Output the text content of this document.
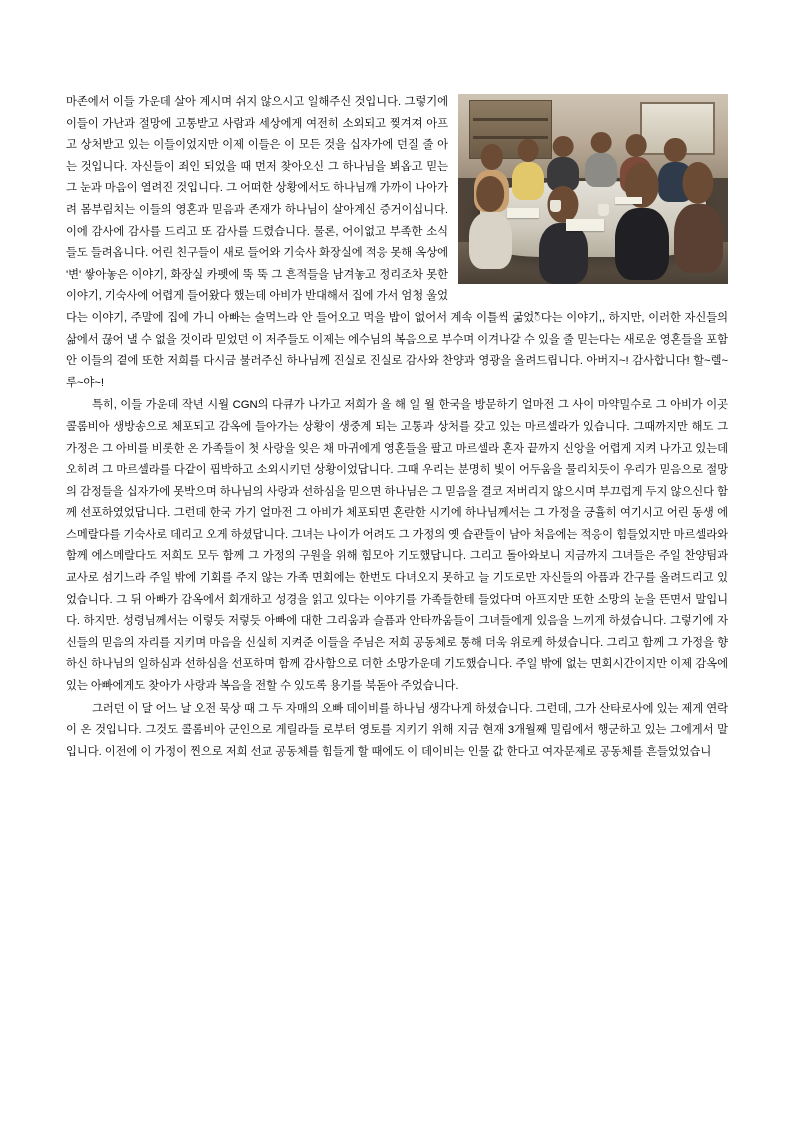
마존에서 이들 가운데 살아 계시며 쉬지 않으시고 일해주신 것입니다. 그렇기에 이들이 가난과 절망에 고통받고 사람과 세상에게 여전히 소외되고 찢겨져 아프고 상처받고 있는 이들이었지만 이제 이들은 이 모든 것을 십자가에 던질 줄 아는 것입니다. 자신들이 죄인 되었을 때 먼저 찾아오신 그 하나님을 뵈옵고 믿는 그 눈과 마음이 열려진 것입니다. 그 어떠한 상황에서도 하나님깨 가까이 나아가려 몸부림치는 이들의 영혼과 믿음과 존재가 하나님이 살아계신 증거이십니다. 이에 감사에 감사를 드리고 또 감사를 드렸습니다. 물론, 어이없고 부족한 소식들도 들려옵니다. 어린 친구들이 새로 들어와 기숙사 화장실에 적응 못해 옥상에 '변' 쌓아놓은 이야기, 화장실 카펫에 뚝 뚝 그 흔적들을 남겨놓고 정리조차 못한 이야기, 기숙사에 어렵게 들어왔다 했는데 아비가 반대해서 집에 가서 엄청 울었다는 이야기, 주말에 집에 가니 아빠는 술먹느라 안 들어오고 먹을 밥이 없어서 계속 이틀씩 굶었ैं다는 이야기,, 하지만, 이러한 자신들의 삶에서 끊어 낼 수 없을 것이라 믿었던 이 저주들도 이제는 에수님의 복음으로 부수며 이겨나갈 수 있을 줄 믿는다는 새로운 영혼들을 포함안 이들의 곁에 또한 저희를 다시금 불러주신 하나님께 진실로 진실로 감사와 찬양과 영광을 올려드립니다. 아버지~! 감사합니다! 할~렐~루~야~!

특히, 이들 가운데 작년 시월 CGN의 다큐가 나가고 저희가 올 해 일 월 한국을 방문하기 얼마전 그 사이 마약밀수로 그 아비가 이곳 콜롬비아 생방송으로 체포되고 감옥에 들아가는 상황이 생중계 되는 고통과 상처를 갖고 있는 마르셀라가 있습니다. 그때까지만 해도 그 가정은 그 아비를 비롯한 온 가족들이 첫 사랑을 잊은 채 마귀에게 영혼들을 팔고 마르셀라 혼자 끝까지 신앙을 어렵게 지켜 나가고 있는데 오히려 그 마르셀라를 다같이 핍박하고 소외시키던 상황이었답니다. 그때 우리는 분명히 빛이 어두움을 물리치듯이 우리가 믿음으로 절망의 감정들을 십자가에 못박으며 하나님의 사랑과 선하심을 믿으면 하나님은 그 믿음을 결코 저버리지 않으시며 부끄럽게 두지 않으신다 함께 선포하였었답니다. 그런데 한국 가기 얼마전 그 아비가 체포되면 혼란한 시기에 하나님께서는 그 가정을 긍휼히 여기시고 어린 동생 에스메랄다를 기숙사로 데리고 오게 하셨답니다. 그녀는 나이가 어려도 그 가정의 옛 습관들이 남아 처음에는 적응이 힘들었지만 마르셀라와 함께 에스메랄다도 저희도 모두 함께 그 가정의 구원을 위해 힘모아 기도했답니다. 그리고 돌아와보니 지금까지 그녀들은 주일 찬양팀과 교사로 섬기느라 주일 밖에 기회를 주지 않는 가족 면회에는 한번도 다녀오지 못하고 늘 기도로만 자신들의 아픔과 간구를 올려드리고 있었습니다. 그 뒤 아빠가 감옥에서 회개하고 성경을 읽고 있다는 이야기를 가족들한테 들었다며 아프지만 또한 소망의 눈을 뜬면서 말입니다. 하지만. 성령님께서는 이렇듯 저렇듯 아빠에 대한 그리움과 슬픔과 안타까움들이 그녀들에게 있음을 느끼게 하셨습니다. 그렇기에 자신들의 믿음의 자리를 지키며 마음을 신실히 지켜준 이들을 주님은 저희 공동체로 통해 더욱 위로케 하셨습니다. 그리고 함께 그 가정을 향하신 하나님의 일하심과 선하심을 선포하며 함께 감사함으로 더한 소망가운데 기도했습니다. 주일 밖에 없는 면회시간이지만 이제 감옥에 있는 아빠에게도 찾아가 사랑과 복음을 전할 수 있도록 용기를 북돋아 주었습니다.

그러던 이 달 어느 날 오전 묵상 때 그 두 자매의 오빠 데이비를 하나님 생각나게 하셨습니다. 그런데, 그가 산타로사에 있는 제게 연락이 온 것입니다. 그것도 콜롬비아 군인으로 게릴라들 로부터 영토를 지키기 위해 지금 현재 3개월째 밀림에서 행군하고 있는 그에게서 말입니다. 이전에 이 가정이 찐으로 저희 선교 공동체를 힘들게 할 때에도 이 데이비는 인물 값 한다고 여자문제로 공동체를 흔들었었습니
